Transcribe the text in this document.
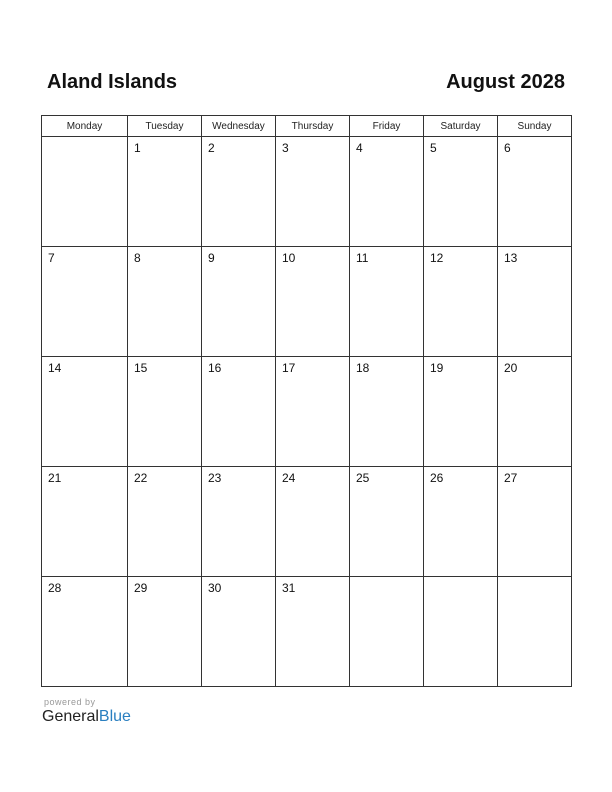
Aland Islands	August 2028
Monday	Tuesday	Wednesday	Thursday	Friday	Saturday	Sunday

	1	2	3	4	5	6

7	8	9	10	11	12	13

14	15	16	17	18	19	20

21	22	23	24	25	26	27

28	29	30	31			

powered by
GeneralBlue
